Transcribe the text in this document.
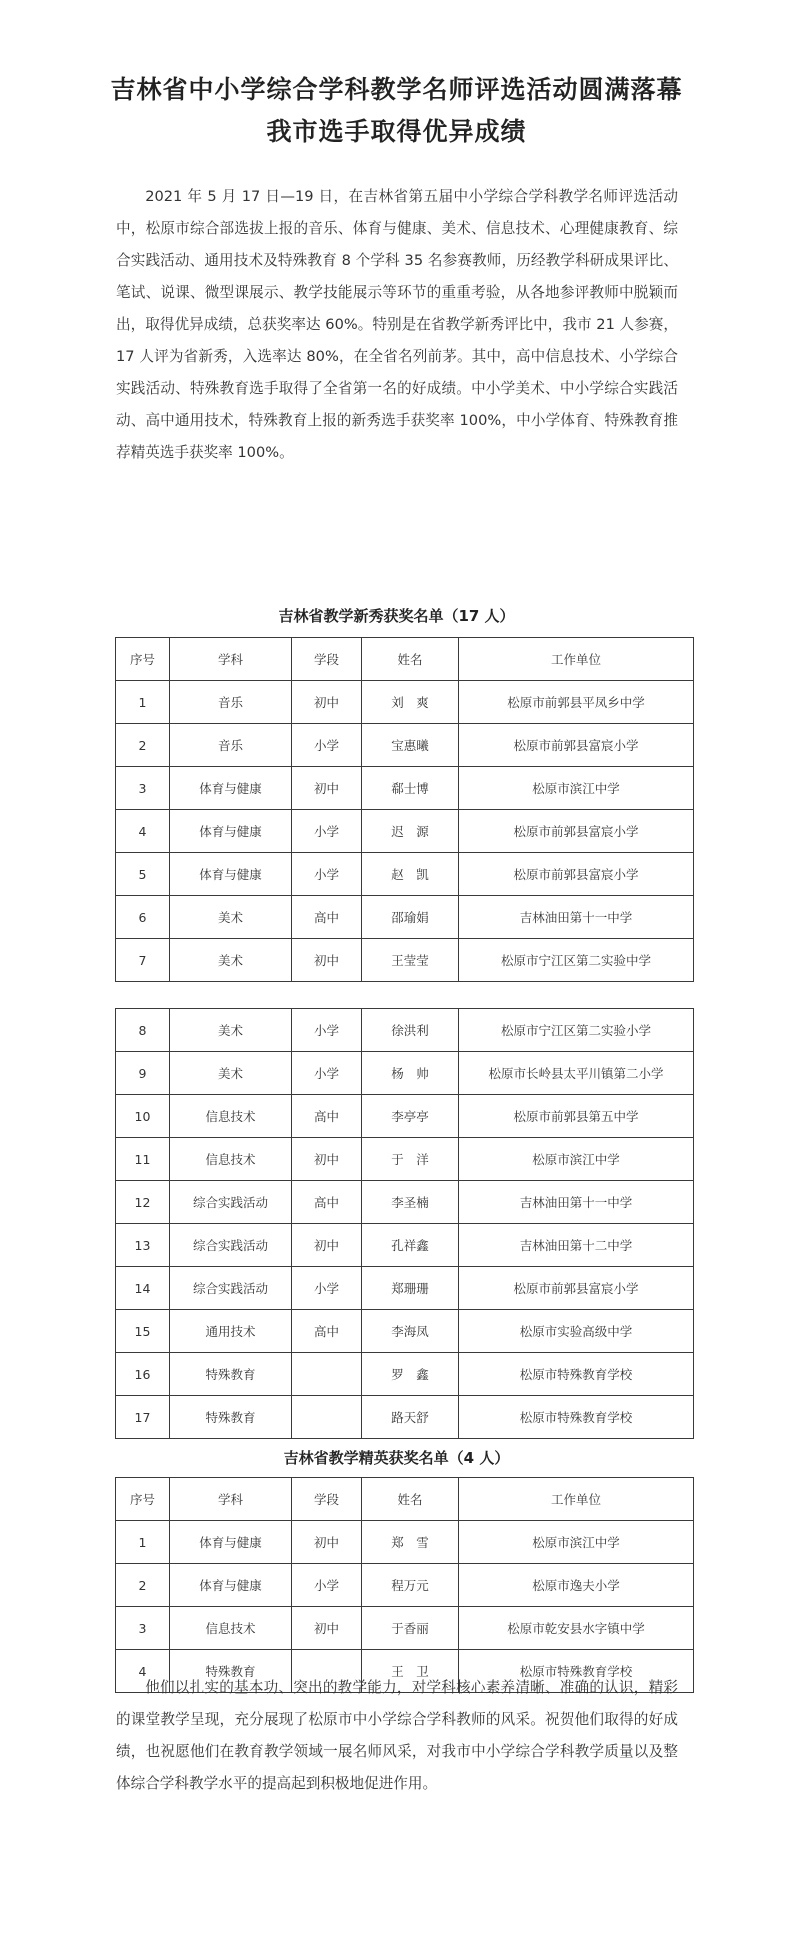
吉林省中小学综合学科教学名师评选活动圆满落幕
我市选手取得优异成绩

2021 年 5 月 17 日—19 日，在吉林省第五届中小学综合学科教学名师评选活动中，松原市综合部选拔上报的音乐、体育与健康、美术、信息技术、心理健康教育、综合实践活动、通用技术及特殊教育 8 个学科 35 名参赛教师，历经教学科研成果评比、笔试、说课、微型课展示、教学技能展示等环节的重重考验，从各地参评教师中脱颖而出，取得优异成绩，总获奖率达 60%。特别是在省教学新秀评比中，我市 21 人参赛，17 人评为省新秀，入选率达 80%，在全省名列前茅。其中，高中信息技术、小学综合实践活动、特殊教育选手取得了全省第一名的好成绩。中小学美术、中小学综合实践活动、高中通用技术，特殊教育上报的新秀选手获奖率 100%，中小学体育、特殊教育推荐精英选手获奖率 100%。

吉林省教学新秀获奖名单（17 人）
序号	学科	学段	姓名	工作单位
1	音乐	初中	刘　爽	松原市前郭县平凤乡中学
2	音乐	小学	宝惠曦	松原市前郭县富宸小学
3	体育与健康	初中	郗士博	松原市滨江中学
4	体育与健康	小学	迟　源	松原市前郭县富宸小学
5	体育与健康	小学	赵　凯	松原市前郭县富宸小学
6	美术	高中	邵瑜娟	吉林油田第十一中学
7	美术	初中	王莹莹	松原市宁江区第二实验中学
8	美术	小学	徐洪利	松原市宁江区第二实验小学
9	美术	小学	杨　帅	松原市长岭县太平川镇第二小学
10	信息技术	高中	李亭亭	松原市前郭县第五中学
11	信息技术	初中	于　洋	松原市滨江中学
12	综合实践活动	高中	李圣楠	吉林油田第十一中学
13	综合实践活动	初中	孔祥鑫	吉林油田第十二中学
14	综合实践活动	小学	郑珊珊	松原市前郭县富宸小学
15	通用技术	高中	李海凤	松原市实验高级中学
16	特殊教育		罗　鑫	松原市特殊教育学校
17	特殊教育		路天舒	松原市特殊教育学校
吉林省教学精英获奖名单（4 人）
序号	学科	学段	姓名	工作单位
1	体育与健康	初中	郑　雪	松原市滨江中学
2	体育与健康	小学	程万元	松原市逸夫小学
3	信息技术	初中	于香丽	松原市乾安县水字镇中学
4	特殊教育		王　卫	松原市特殊教育学校

他们以扎实的基本功、突出的教学能力，对学科核心素养清晰、准确的认识，精彩的课堂教学呈现，充分展现了松原市中小学综合学科教师的风采。祝贺他们取得的好成绩，也祝愿他们在教育教学领域一展名师风采，对我市中小学综合学科教学质量以及整体综合学科教学水平的提高起到积极地促进作用。
